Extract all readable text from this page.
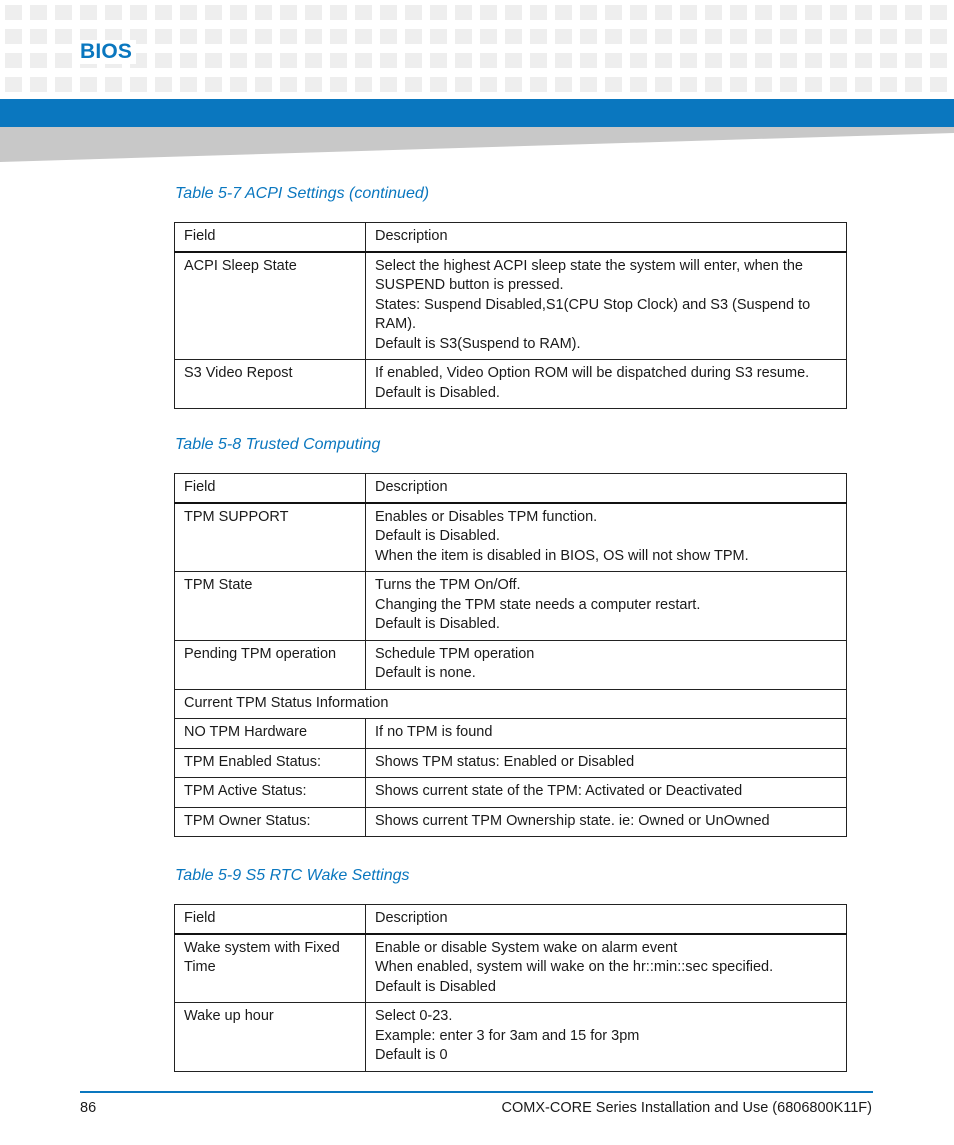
BIOS
Table 5-7 ACPI Settings (continued)
Field	Description
ACPI Sleep State	Select the highest ACPI sleep state the system will enter, when the SUSPEND button is pressed.
States: Suspend Disabled,S1(CPU Stop Clock) and S3 (Suspend to RAM).
Default is S3(Suspend to RAM).

S3 Video Repost	If enabled, Video Option ROM will be dispatched during S3 resume.
Default is Disabled.
Table 5-8 Trusted Computing
Field	Description
TPM SUPPORT	Enables or Disables TPM function.
Default is Disabled.
When the item is disabled in BIOS, OS will not show TPM.

TPM State	Turns the TPM On/Off.
Changing the TPM state needs a computer restart.
Default is Disabled.

Pending TPM operation	Schedule TPM operation
Default is none.

Current TPM Status Information	
NO TPM Hardware	If no TPM is found
TPM Enabled Status:	Shows TPM status: Enabled or Disabled
TPM Active Status:	Shows current state of the TPM: Activated or Deactivated
TPM Owner Status:	Shows current TPM Ownership state. ie: Owned or UnOwned
Table 5-9 S5 RTC Wake Settings
Field	Description
Wake system with Fixed Time	Enable or disable System wake on alarm event
When enabled, system will wake on the hr::min::sec specified.
Default is Disabled

Wake up hour	Select 0-23.
Example: enter 3 for 3am and 15 for 3pm
Default is 0
86	COMX-CORE Series Installation and Use (6806800K11F)
